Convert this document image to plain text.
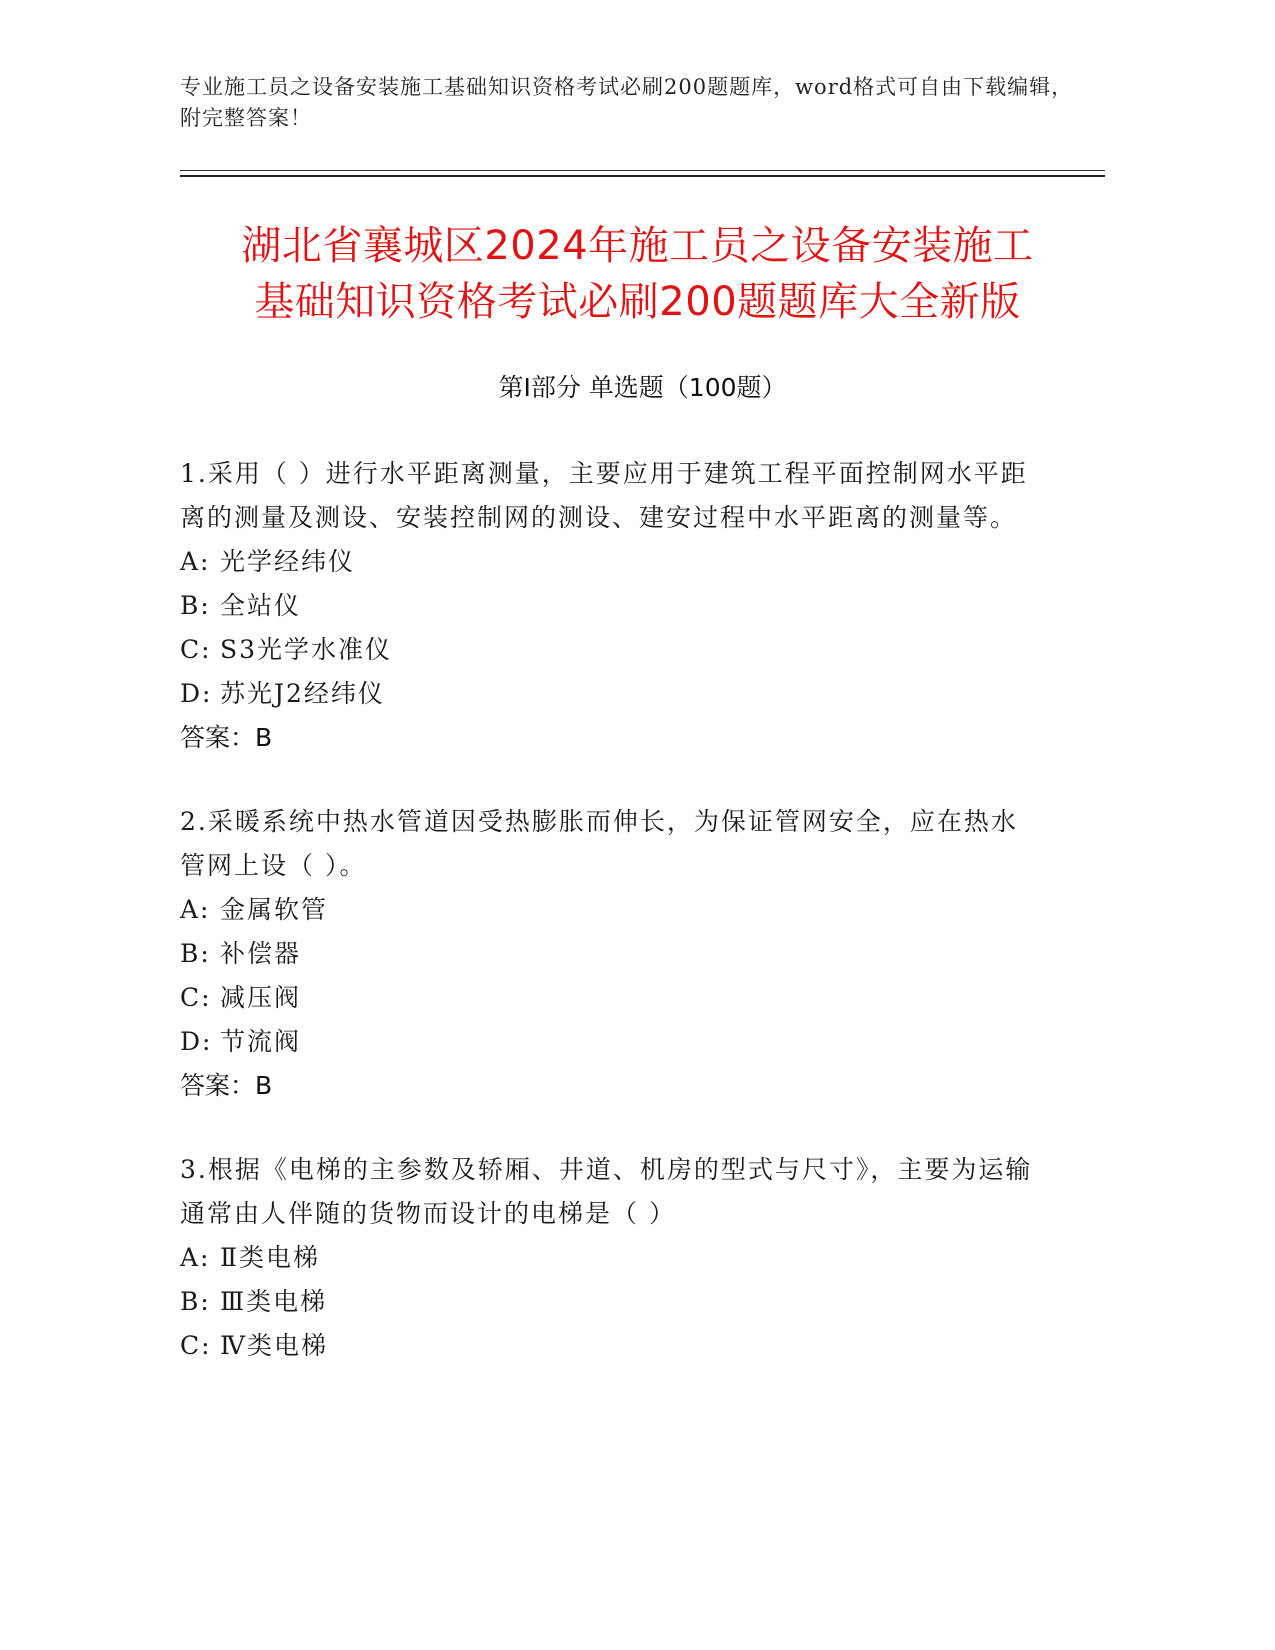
专业施工员之设备安装施工基础知识资格考试必刷200题题库，word格式可自由下载编辑，附完整答案！
湖北省襄城区2024年施工员之设备安装施工
基础知识资格考试必刷200题题库大全新版
第Ⅰ部分 单选题（100题）
1.采用（ ）进行水平距离测量，主要应用于建筑工程平面控制网水平距离的测量及测设、安装控制网的测设、建安过程中水平距离的测量等。
A: 光学经纬仪
B: 全站仪
C: S3光学水准仪
D: 苏光J2经纬仪
答案：B
2.采暖系统中热水管道因受热膨胀而伸长，为保证管网安全，应在热水管网上设（ ）。
A: 金属软管
B: 补偿器
C: 减压阀
D: 节流阀
答案：B
3.根据《电梯的主参数及轿厢、井道、机房的型式与尺寸》，主要为运输通常由人伴随的货物而设计的电梯是（ ）
A: Ⅱ类电梯
B: Ⅲ类电梯
C: Ⅳ类电梯
